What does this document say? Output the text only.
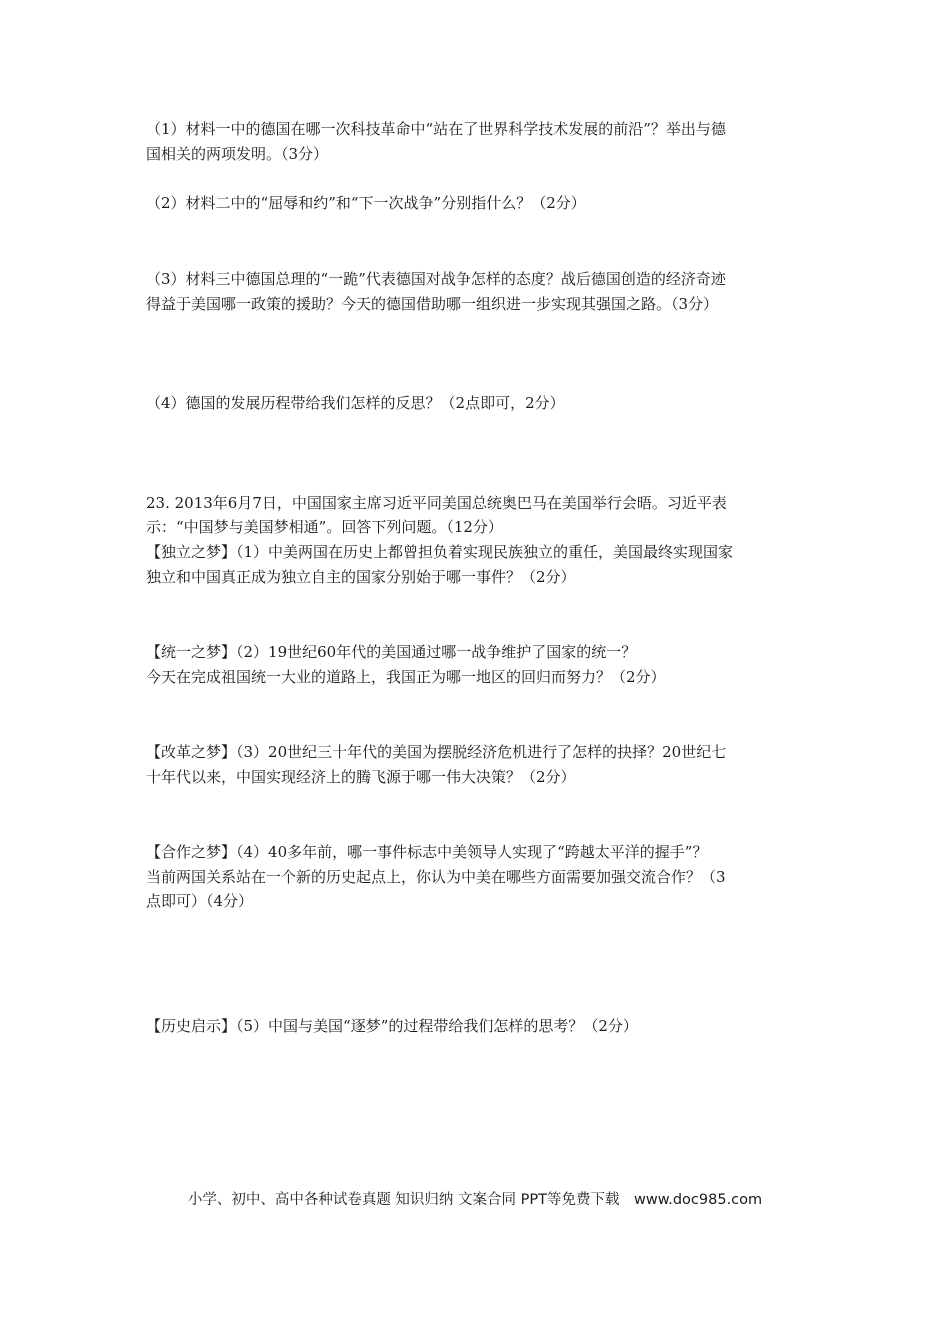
（1）材料一中的德国在哪一次科技革命中“站在了世界科学技术发展的前沿”？举出与德
国相关的两项发明。（3分）
（2）材料二中的“屈辱和约”和“下一次战争”分别指什么？（2分）
（3）材料三中德国总理的“一跪”代表德国对战争怎样的态度？战后德国创造的经济奇迹
得益于美国哪一政策的援助？今天的德国借助哪一组织进一步实现其强国之路。（3分）
（4）德国的发展历程带给我们怎样的反思？（2点即可，2分）
23. 2013年6月7日，中国国家主席习近平同美国总统奥巴马在美国举行会晤。习近平表
示：“中国梦与美国梦相通”。回答下列问题。（12分）
【独立之梦】（1）中美两国在历史上都曾担负着实现民族独立的重任，美国最终实现国家
独立和中国真正成为独立自主的国家分别始于哪一事件？（2分）
【统一之梦】（2）19世纪60年代的美国通过哪一战争维护了国家的统一？
今天在完成祖国统一大业的道路上，我国正为哪一地区的回归而努力？（2分）
【改革之梦】（3）20世纪三十年代的美国为摆脱经济危机进行了怎样的抉择？20世纪七
十年代以来，中国实现经济上的腾飞源于哪一伟大决策？（2分）
【合作之梦】（4）40多年前，哪一事件标志中美领导人实现了“跨越太平洋的握手”？
当前两国关系站在一个新的历史起点上，你认为中美在哪些方面需要加强交流合作？（3
点即可）（4分）
【历史启示】（5）中国与美国“逐梦”的过程带给我们怎样的思考？（2分）
小学、初中、高中各种试卷真题 知识归纳 文案合同 PPT等免费下载　www.doc985.com
